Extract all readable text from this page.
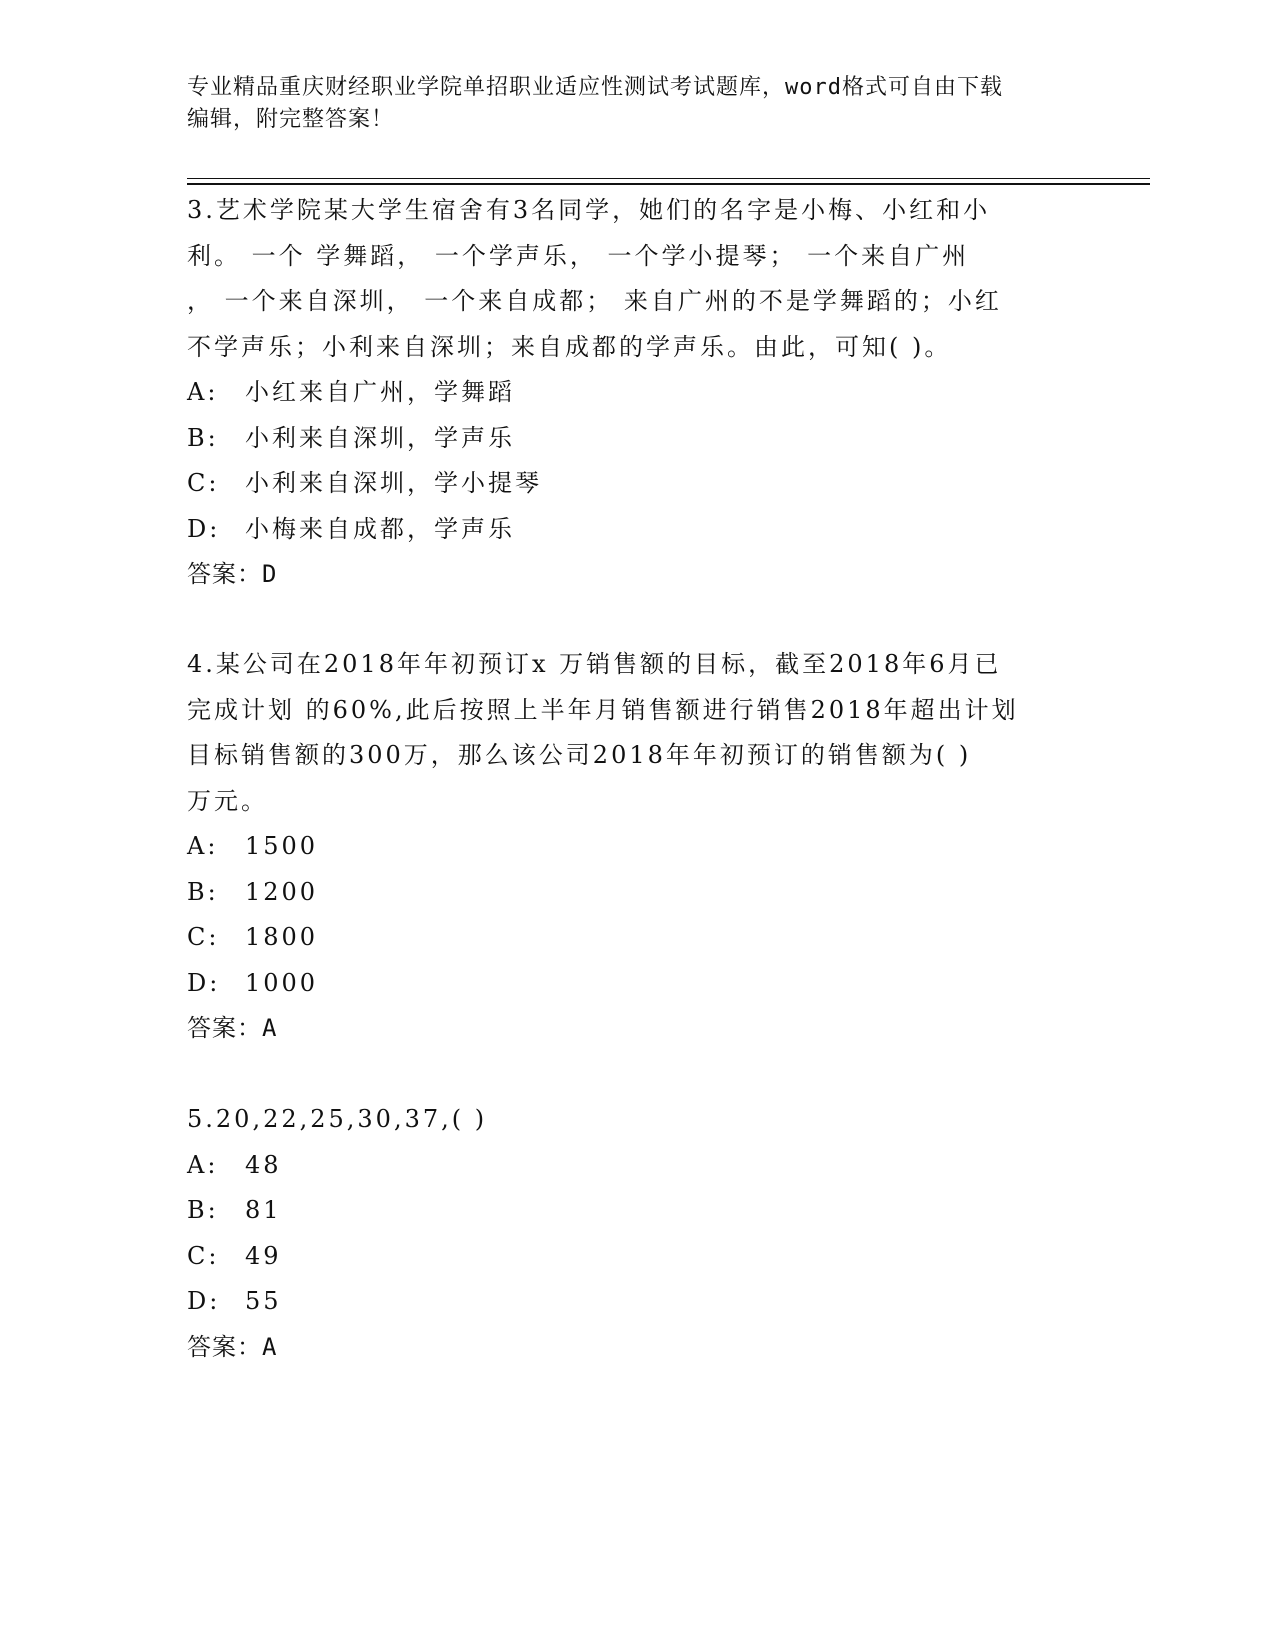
专业精品重庆财经职业学院单招职业适应性测试考试题库，word格式可自由下载
编辑，附完整答案！

3.艺术学院某大学生宿舍有3名同学，她们的名字是小梅、小红和小

利。 一个 学舞蹈， 一个学声乐， 一个学小提琴； 一个来自广州

， 一个来自深圳， 一个来自成都； 来自广州的不是学舞蹈的；小红

不学声乐；小利来自深圳；来自成都的学声乐。由此，可知( )。

A:	小红来自广州，学舞蹈
B:	小利来自深圳，学声乐
C:	小利来自深圳，学小提琴
D:	小梅来自成都，学声乐

答案：D

4.某公司在2018年年初预订x 万销售额的目标，截至2018年6月已

完成计划 的60%,此后按照上半年月销售额进行销售2018年超出计划

目标销售额的300万，那么该公司2018年年初预订的销售额为( )

万元。

A:	1500
B:	1200
C:	1800
D:	1000

答案：A

5.20,22,25,30,37,( )

A:	48
B:	81
C:	49
D:	55

答案：A
